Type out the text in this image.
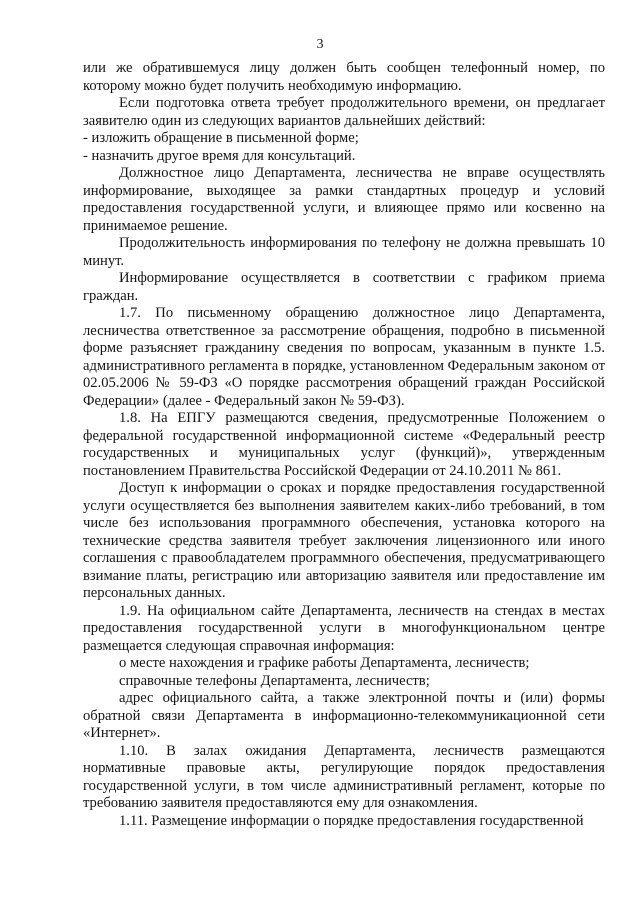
3

или же обратившемуся лицу должен быть сообщен телефонный номер, по которому можно будет получить необходимую информацию.

Если подготовка ответа требует продолжительного времени, он предлагает заявителю один из следующих вариантов дальнейших действий:

- изложить обращение в письменной форме;

- назначить другое время для консультаций.

Должностное лицо Департамента, лесничества не вправе осуществлять информирование, выходящее за рамки стандартных процедур и условий предоставления государственной услуги, и влияющее прямо или косвенно на принимаемое решение.

Продолжительность информирования по телефону не должна превышать 10 минут.

Информирование осуществляется в соответствии с графиком приема граждан.

1.7. По письменному обращению должностное лицо Департамента, лесничества ответственное за рассмотрение обращения, подробно в письменной форме разъясняет гражданину сведения по вопросам, указанным в пункте 1.5. административного регламента в порядке, установленном Федеральным законом от 02.05.2006 № 59-ФЗ «О порядке рассмотрения обращений граждан Российской Федерации» (далее - Федеральный закон № 59-ФЗ).

1.8. На ЕПГУ размещаются сведения, предусмотренные Положением о федеральной государственной информационной системе «Федеральный реестр государственных и муниципальных услуг (функций)», утвержденным постановлением Правительства Российской Федерации от 24.10.2011 № 861.

Доступ к информации о сроках и порядке предоставления государственной услуги осуществляется без выполнения заявителем каких-либо требований, в том числе без использования программного обеспечения, установка которого на технические средства заявителя требует заключения лицензионного или иного соглашения с правообладателем программного обеспечения, предусматривающего взимание платы, регистрацию или авторизацию заявителя или предоставление им персональных данных.

1.9. На официальном сайте Департамента, лесничеств на стендах в местах предоставления государственной услуги в многофункциональном центре размещается следующая справочная информация:

о месте нахождения и графике работы Департамента, лесничеств;

справочные телефоны Департамента, лесничеств;

адрес официального сайта, а также электронной почты и (или) формы обратной связи Департамента в информационно-телекоммуникационной сети «Интернет».

1.10. В залах ожидания Департамента, лесничеств размещаются нормативные правовые акты, регулирующие порядок предоставления государственной услуги, в том числе административный регламент, которые по требованию заявителя предоставляются ему для ознакомления.

1.11. Размещение информации о порядке предоставления государственной
